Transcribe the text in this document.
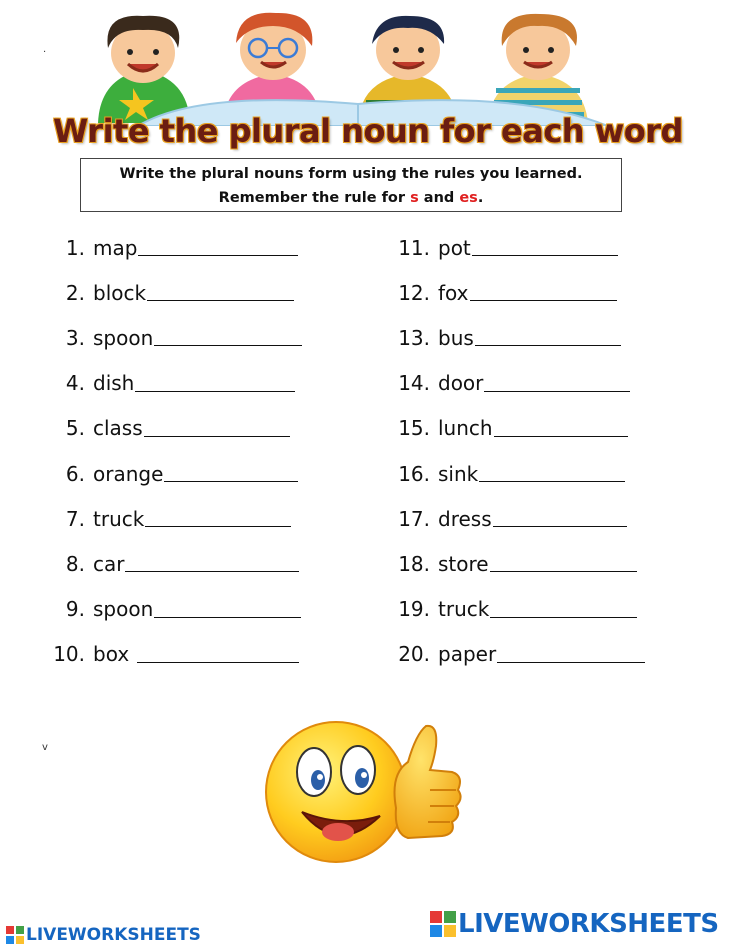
.
v
Write the plural noun for each word
Write the plural nouns form using the rules you learned.
Remember the rule for s and es.
1. map
2. block
3. spoon
4. dish
5. class
6. orange
7. truck
8. car
9. spoon
10. box
11. pot
12. fox
13. bus
14. door
15. lunch
16. sink
17. dress
18. store
19. truck
20. paper
LIVEWORKSHEETS	LIVEWORKSHEETS
